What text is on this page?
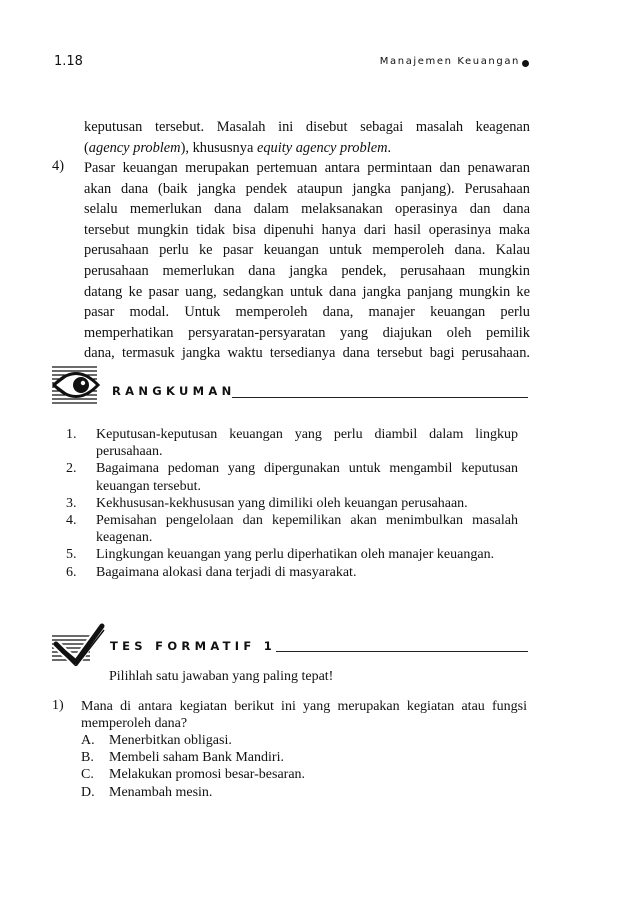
1.18	Manajemen Keuangan
keputusan tersebut. Masalah ini disebut sebagai masalah keagenan
(agency problem), khususnya equity agency problem.
4) Pasar keuangan merupakan pertemuan antara permintaan dan penawaran
akan dana (baik jangka pendek ataupun jangka panjang). Perusahaan
selalu memerlukan dana dalam melaksanakan operasinya dan dana
tersebut mungkin tidak bisa dipenuhi hanya dari hasil operasinya maka
perusahaan perlu ke pasar keuangan untuk memperoleh dana. Kalau
perusahaan memerlukan dana jangka pendek, perusahaan mungkin
datang ke pasar uang, sedangkan untuk dana jangka panjang mungkin ke
pasar modal. Untuk memperoleh dana, manajer keuangan perlu
memperhatikan persyaratan-persyaratan yang diajukan oleh pemilik
dana, termasuk jangka waktu tersedianya dana tersebut bagi perusahaan.
RANGKUMAN
1. Keputusan-keputusan keuangan yang perlu diambil dalam lingkup perusahaan.

2. Bagaimana pedoman yang dipergunakan untuk mengambil keputusan keuangan tersebut.

3. Kekhususan-kekhususan yang dimiliki oleh keuangan perusahaan.

4. Pemisahan pengelolaan dan kepemilikan akan menimbulkan masalah keagenan.

5. Lingkungan keuangan yang perlu diperhatikan oleh manajer keuangan.

6. Bagaimana alokasi dana terjadi di masyarakat.

TES FORMATIF 1
Pilihlah satu jawaban yang paling tepat!
1) Mana di antara kegiatan berikut ini yang merupakan kegiatan atau fungsi
memperoleh dana?
A. Menerbitkan obligasi.
B. Membeli saham Bank Mandiri.
C. Melakukan promosi besar-besaran.
D. Menambah mesin.
